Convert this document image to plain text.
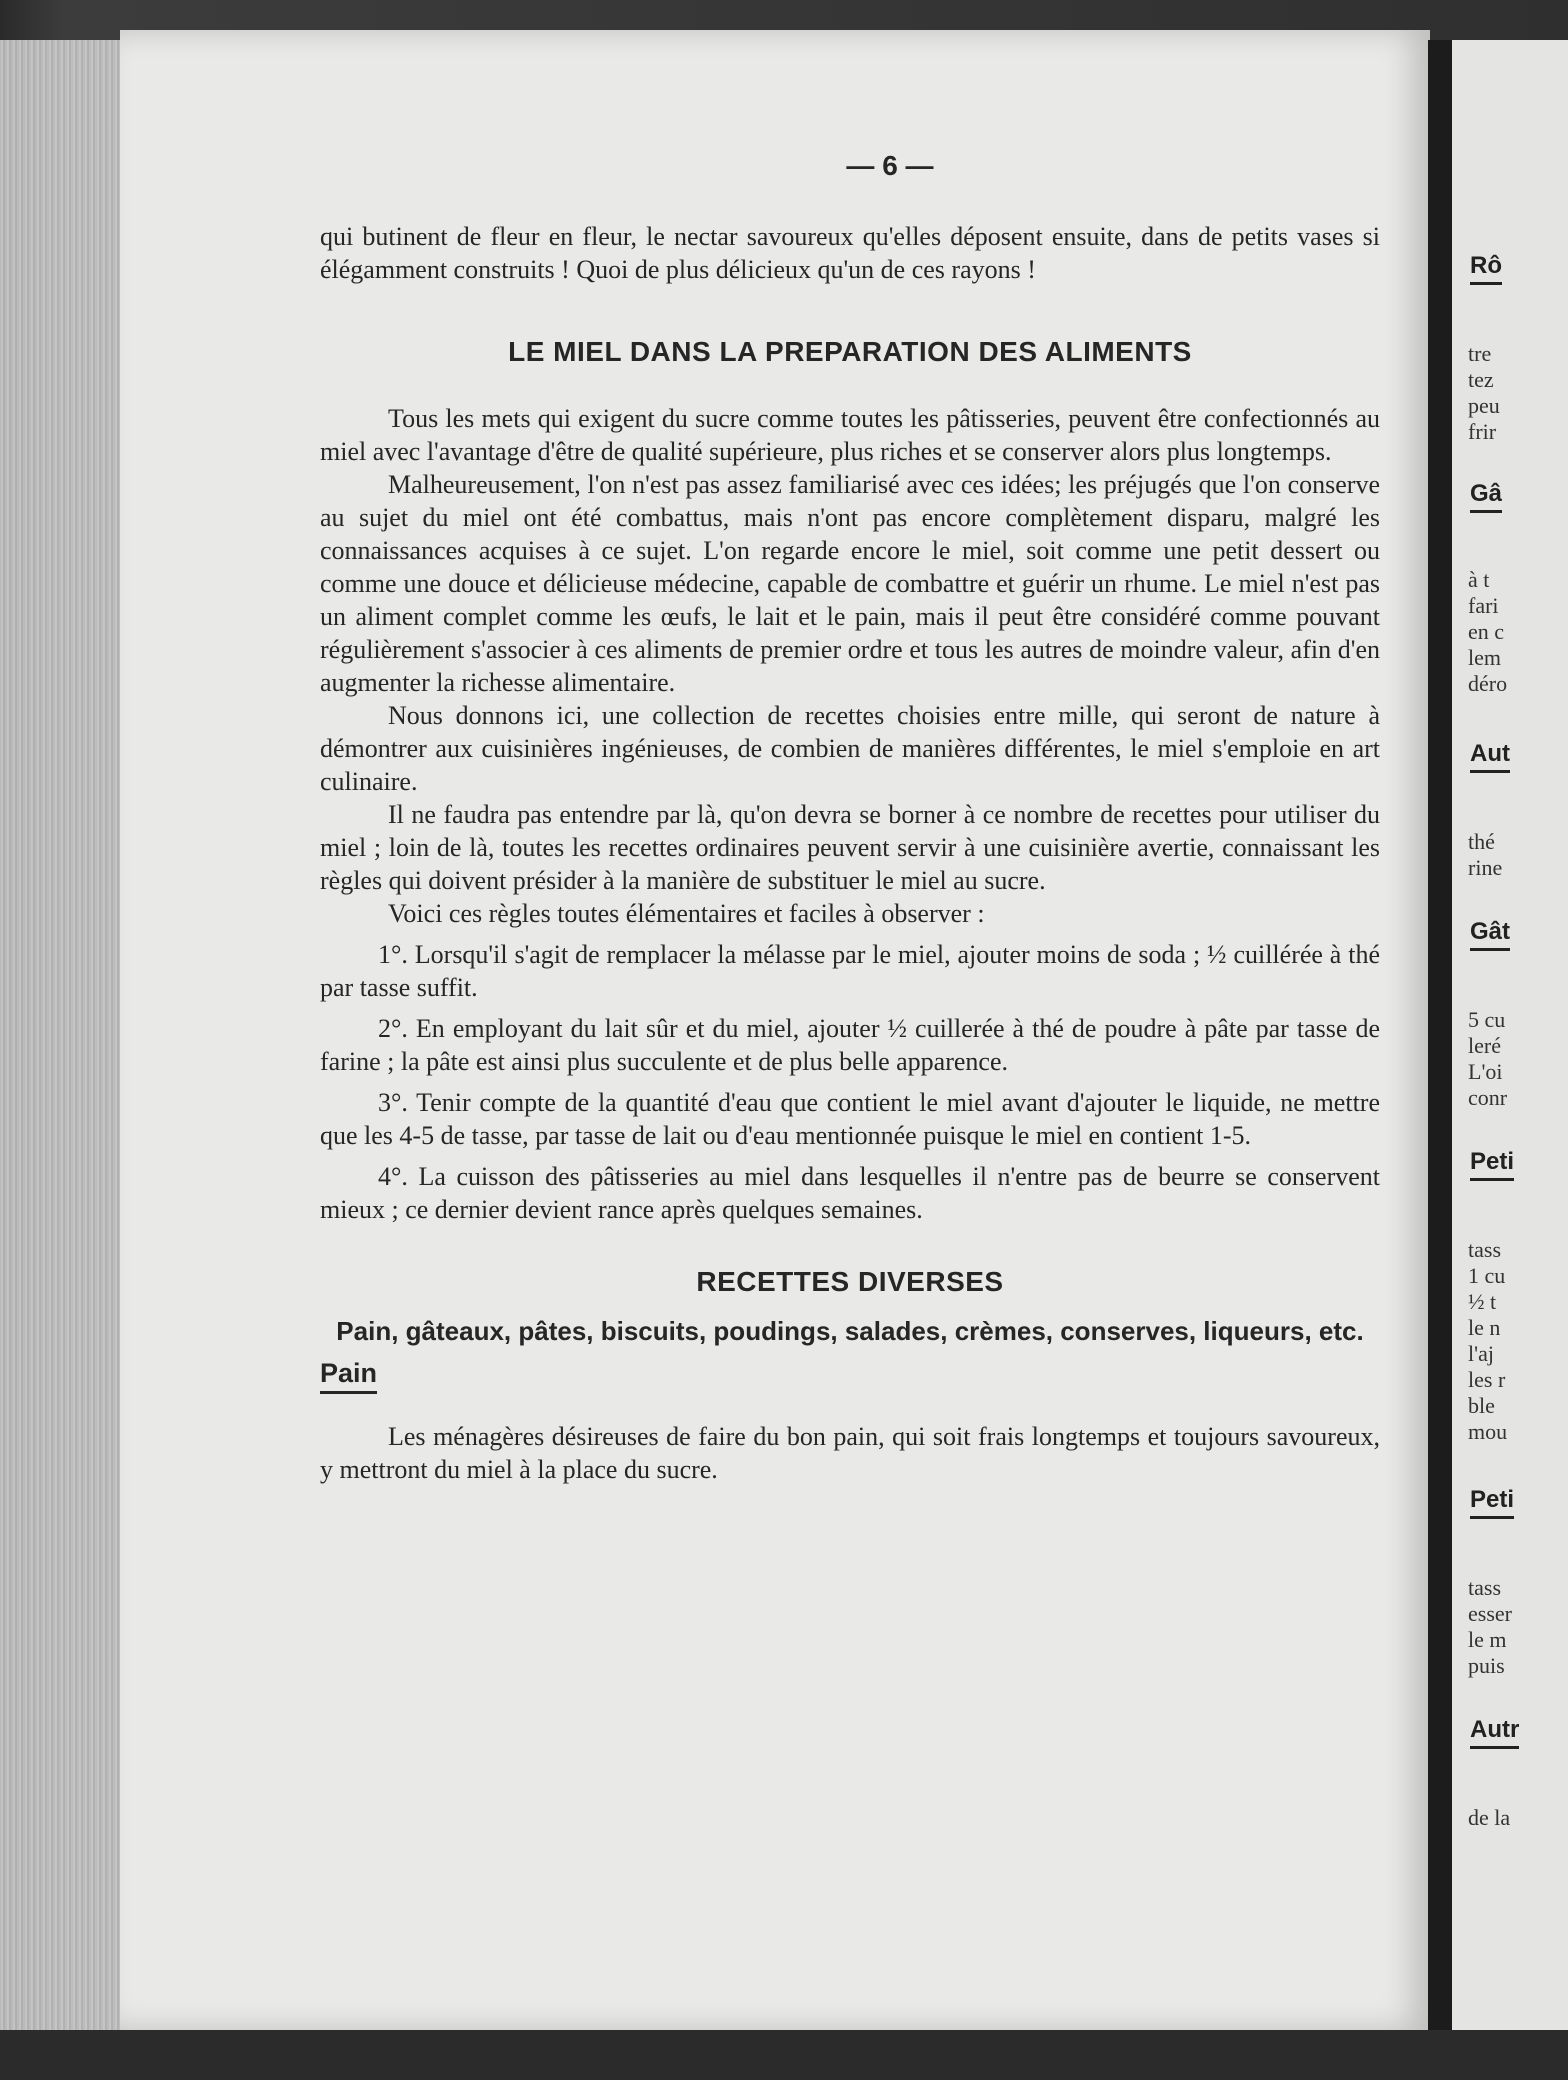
Rô
tre
tez
peu
frir
Gâ
à t
fari
en c
lem
déro
Aut
thé
rine
Gât
5 cu
leré
L'oi
conr
Peti
tass
1 cu
½ t
le n
l'aj
les r
ble
mou
Peti
tass
esser
le m
puis
Autr
de la
— 6 —

qui butinent de fleur en fleur, le nectar savoureux qu'elles déposent ensuite, dans de petits vases si élégamment construits ! Quoi de plus délicieux qu'un de ces rayons !

LE MIEL DANS LA PREPARATION DES ALIMENTS

Tous les mets qui exigent du sucre comme toutes les pâtisseries, peuvent être confectionnés au miel avec l'avantage d'être de qualité supérieure, plus riches et se conserver alors plus longtemps.

Malheureusement, l'on n'est pas assez familiarisé avec ces idées; les préjugés que l'on conserve au sujet du miel ont été combattus, mais n'ont pas encore complètement disparu, malgré les connaissances acquises à ce sujet. L'on regarde encore le miel, soit comme une petit dessert ou comme une douce et délicieuse médecine, capable de combattre et guérir un rhume. Le miel n'est pas un aliment complet comme les œufs, le lait et le pain, mais il peut être considéré comme pouvant régulièrement s'associer à ces aliments de premier ordre et tous les autres de moindre valeur, afin d'en augmenter la richesse alimentaire.

Nous donnons ici, une collection de recettes choisies entre mille, qui seront de nature à démontrer aux cuisinières ingénieuses, de combien de manières différentes, le miel s'emploie en art culinaire.

Il ne faudra pas entendre par là, qu'on devra se borner à ce nombre de recettes pour utiliser du miel ; loin de là, toutes les recettes ordinaires peuvent servir à une cuisinière avertie, connaissant les règles qui doivent présider à la manière de substituer le miel au sucre.

Voici ces règles toutes élémentaires et faciles à observer :

1°. Lorsqu'il s'agit de remplacer la mélasse par le miel, ajouter moins de soda ; ½ cuillérée à thé par tasse suffit.

2°. En employant du lait sûr et du miel, ajouter ½ cuillerée à thé de poudre à pâte par tasse de farine ; la pâte est ainsi plus succulente et de plus belle apparence.

3°. Tenir compte de la quantité d'eau que contient le miel avant d'ajouter le liquide, ne mettre que les 4-5 de tasse, par tasse de lait ou d'eau mentionnée puisque le miel en contient 1-5.

4°. La cuisson des pâtisseries au miel dans lesquelles il n'entre pas de beurre se conservent mieux ; ce dernier devient rance après quelques semaines.

RECETTES DIVERSES
Pain, gâteaux, pâtes, biscuits, poudings, salades, crèmes, conserves, liqueurs, etc.
Pain

Les ménagères désireuses de faire du bon pain, qui soit frais longtemps et toujours savoureux, y mettront du miel à la place du sucre.
